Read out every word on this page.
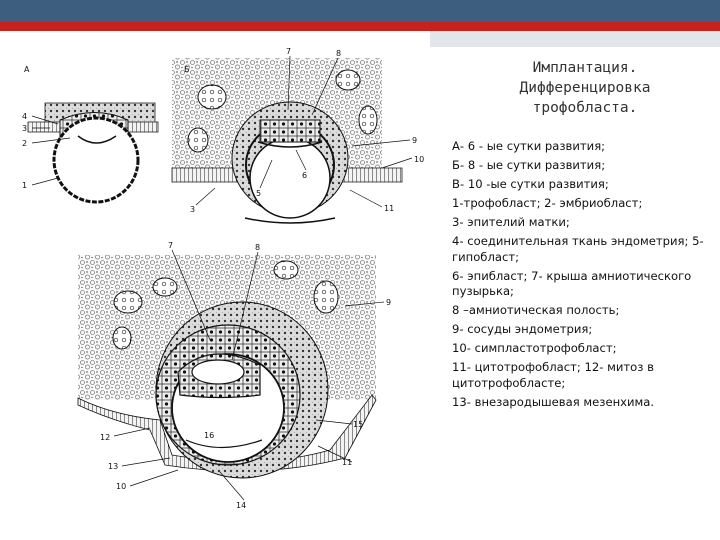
А
4
3
2
1
Б
7	8
9
10
11
5
6
3
7	8
9
15
11
16
12
13
10
14
Имплантация.
Дифференцировка
трофобласта.
А- 6 - ые сутки развития;
Б- 8 - ые сутки развития;
В- 10 -ые сутки развития;
1-трофобласт; 2- эмбриобласт;
3- эпителий матки;
4- соединительная ткань эндометрия; 5- гипобласт;
6- эпибласт; 7- крыша амниотического пузырька;
8 –амниотическая полость;
9- сосуды эндометрия;
10- симпластотрофобласт;
11- цитотрофобласт; 12- митоз в цитотрофобласте;
13- внезародышевая мезенхима.
